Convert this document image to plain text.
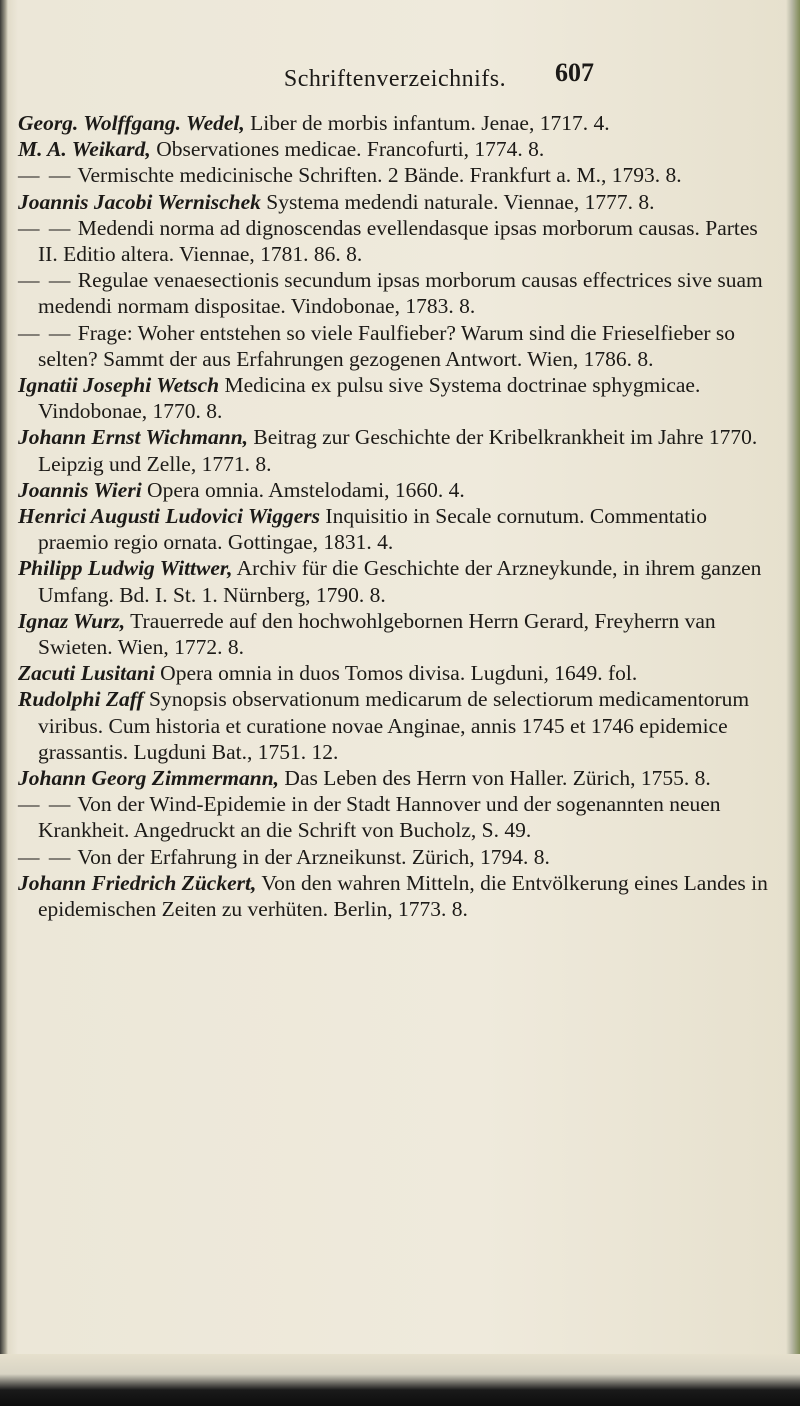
Schriftenverzeichnifs.	607

Georg. Wolffgang. Wedel, Liber de morbis infantum. Jenae, 1717. 4.

M. A. Weikard, Observationes medicae. Francofurti, 1774. 8.

— — Vermischte medicinische Schriften. 2 Bände. Frankfurt a. M., 1793. 8.

Joannis Jacobi Wernischek Systema medendi naturale. Viennae, 1777. 8.

— — Medendi norma ad dignoscendas evellendasque ipsas morborum causas. Partes II. Editio altera. Viennae, 1781. 86. 8.

— — Regulae venaesectionis secundum ipsas morborum causas effectrices sive suam medendi normam dispositae. Vindobonae, 1783. 8.

— — Frage: Woher entstehen so viele Faulfieber? Warum sind die Frieselfieber so selten? Sammt der aus Erfahrungen gezogenen Antwort. Wien, 1786. 8.

Ignatii Josephi Wetsch Medicina ex pulsu sive Systema doctrinae sphygmicae. Vindobonae, 1770. 8.

Johann Ernst Wichmann, Beitrag zur Geschichte der Kribelkrankheit im Jahre 1770. Leipzig und Zelle, 1771. 8.

Joannis Wieri Opera omnia. Amstelodami, 1660. 4.

Henrici Augusti Ludovici Wiggers Inquisitio in Secale cornutum. Commentatio praemio regio ornata. Gottingae, 1831. 4.

Philipp Ludwig Wittwer, Archiv für die Geschichte der Arzneykunde, in ihrem ganzen Umfang. Bd. I. St. 1. Nürnberg, 1790. 8.

Ignaz Wurz, Trauerrede auf den hochwohlgebornen Herrn Gerard, Freyherrn van Swieten. Wien, 1772. 8.

Zacuti Lusitani Opera omnia in duos Tomos divisa. Lugduni, 1649. fol.

Rudolphi Zaff Synopsis observationum medicarum de selectiorum medicamentorum viribus. Cum historia et curatione novae Anginae, annis 1745 et 1746 epidemice grassantis. Lugduni Bat., 1751. 12.

Johann Georg Zimmermann, Das Leben des Herrn von Haller. Zürich, 1755. 8.

— — Von der Wind-Epidemie in der Stadt Hannover und der sogenannten neuen Krankheit. Angedruckt an die Schrift von Bucholz, S. 49.

— — Von der Erfahrung in der Arzneikunst. Zürich, 1794. 8.

Johann Friedrich Zückert, Von den wahren Mitteln, die Entvölkerung eines Landes in epidemischen Zeiten zu verhüten. Berlin, 1773. 8.
